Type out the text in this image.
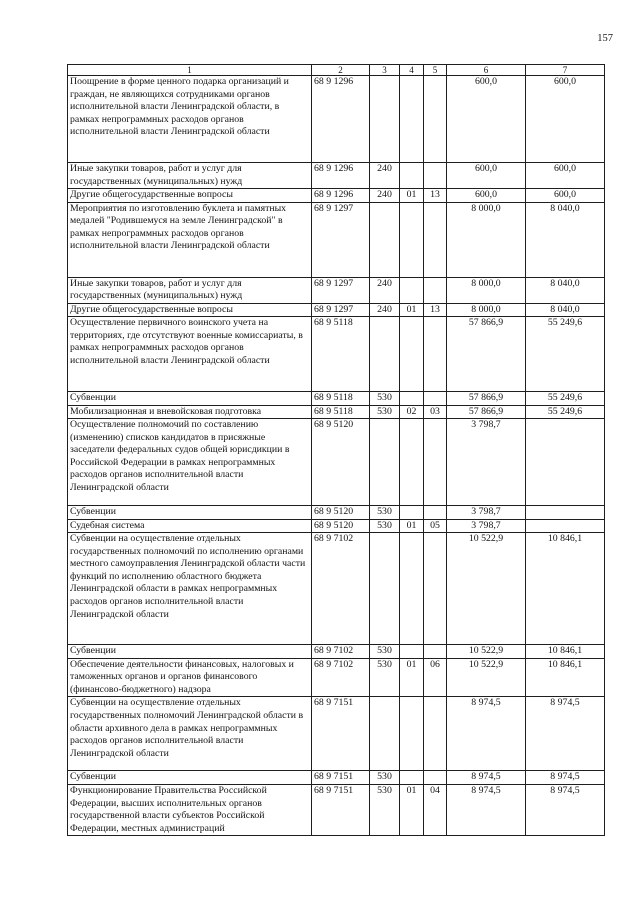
157
1	2	3	4	5	6	7
Поощрение в форме ценного подарка организаций и граждан, не являющихся сотрудниками органов исполнительной власти Ленинградской области, в рамках непрограммных расходов органов исполнительной власти Ленинградской области	68 9 1296				600,0	600,0
Иные закупки товаров, работ и услуг для государственных (муниципальных) нужд	68 9 1296	240			600,0	600,0
Другие общегосударственные вопросы	68 9 1296	240	01	13	600,0	600,0
Мероприятия по изготовлению буклета и памятных медалей "Родившемуся на земле Ленинградской" в рамках непрограммных расходов органов исполнительной власти Ленинградской области	68 9 1297				8 000,0	8 040,0
Иные закупки товаров, работ и услуг для государственных (муниципальных) нужд	68 9 1297	240			8 000,0	8 040,0
Другие общегосударственные вопросы	68 9 1297	240	01	13	8 000,0	8 040,0
Осуществление первичного воинского учета на территориях, где отсутствуют военные комиссариаты, в рамках непрограммных расходов органов исполнительной власти Ленинградской области	68 9 5118				57 866,9	55 249,6
Субвенции	68 9 5118	530			57 866,9	55 249,6
Мобилизационная и вневойсковая подготовка	68 9 5118	530	02	03	57 866,9	55 249,6
Осуществление полномочий по составлению (изменению) списков кандидатов в присяжные заседатели федеральных судов общей юрисдикции в Российской Федерации в рамках непрограммных расходов органов исполнительной власти Ленинградской области	68 9 5120				3 798,7	
Субвенции	68 9 5120	530			3 798,7	
Судебная система	68 9 5120	530	01	05	3 798,7	
Субвенции на осуществление отдельных государственных полномочий по исполнению органами местного самоуправления Ленинградской области части функций по исполнению областного бюджета Ленинградской области в рамках непрограммных расходов органов исполнительной власти Ленинградской области	68 9 7102				10 522,9	10 846,1
Субвенции	68 9 7102	530			10 522,9	10 846,1
Обеспечение деятельности финансовых, налоговых и таможенных органов и органов финансового (финансово-бюджетного) надзора	68 9 7102	530	01	06	10 522,9	10 846,1
Субвенции на осуществление отдельных государственных полномочий Ленинградской области в области архивного дела в рамках непрограммных расходов органов исполнительной власти Ленинградской области	68 9 7151				8 974,5	8 974,5
Субвенции	68 9 7151	530			8 974,5	8 974,5
Функционирование Правительства Российской Федерации, высших исполнительных органов государственной власти субъектов Российской Федерации, местных администраций	68 9 7151	530	01	04	8 974,5	8 974,5
